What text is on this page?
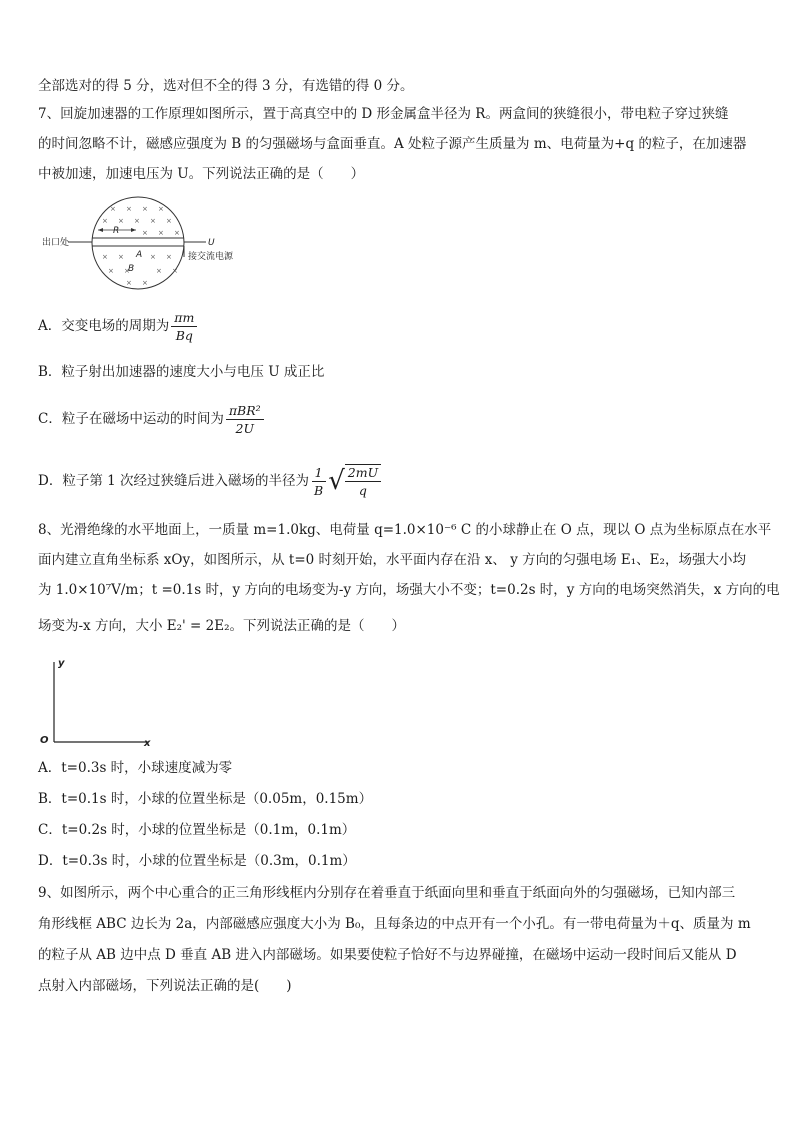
全部选对的得 5 分，选对但不全的得 3 分，有选错的得 0 分。
7、回旋加速器的工作原理如图所示，置于高真空中的 D 形金属盒半径为 R。两盒间的狭缝很小，带电粒子穿过狭缝
的时间忽略不计，磁感应强度为 B 的匀强磁场与盒面垂直。A 处粒子源产生质量为 m、电荷量为+q 的粒子，在加速器
中被加速，加速电压为 U。下列说法正确的是（　　）
× × × ×
× × × × ×
× × ×
× ×	× ×
× ×	× ×
× ×
出口处
R
A
B
U
接交流电源
A．交变电场的周期为 $\frac{\pi m}{Bq}$
B．粒子射出加速器的速度大小与电压 U 成正比
C．粒子在磁场中运动的时间为 $\frac{\text{πBR²}}{2U}$
D．粒子第 1 次经过狭缝后进入磁场的半径为 $\frac{1}{B}$ √ $\frac{2mU}{q}$
8、光滑绝缘的水平地面上，一质量 m=1.0kg、电荷量 q=1.0×10⁻⁶ C 的小球静止在 O 点，现以 O 点为坐标原点在水平
面内建立直角坐标系 xOy，如图所示，从 t=0 时刻开始，水平面内存在沿 x、 y 方向的匀强电场 E₁、E₂，场强大小均
为 1.0×10⁷V/m；t =0.1s 时，y 方向的电场变为-y 方向，场强大小不变；t=0.2s 时，y 方向的电场突然消失，x 方向的电
场变为-x 方向，大小 E₂' = 2E₂。下列说法正确的是（　　）
y
O	x
A．t=0.3s 时，小球速度减为零
B．t=0.1s 时，小球的位置坐标是（0.05m，0.15m）
C．t=0.2s 时，小球的位置坐标是（0.1m，0.1m）
D．t=0.3s 时，小球的位置坐标是（0.3m，0.1m）
9、如图所示，两个中心重合的正三角形线框内分别存在着垂直于纸面向里和垂直于纸面向外的匀强磁场，已知内部三
角形线框 ABC 边长为 2a，内部磁感应强度大小为 B₀，且每条边的中点开有一个小孔。有一带电荷量为＋q、质量为 m
的粒子从 AB 边中点 D 垂直 AB 进入内部磁场。如果要使粒子恰好不与边界碰撞，在磁场中运动一段时间后又能从 D
点射入内部磁场，下列说法正确的是(　　)
